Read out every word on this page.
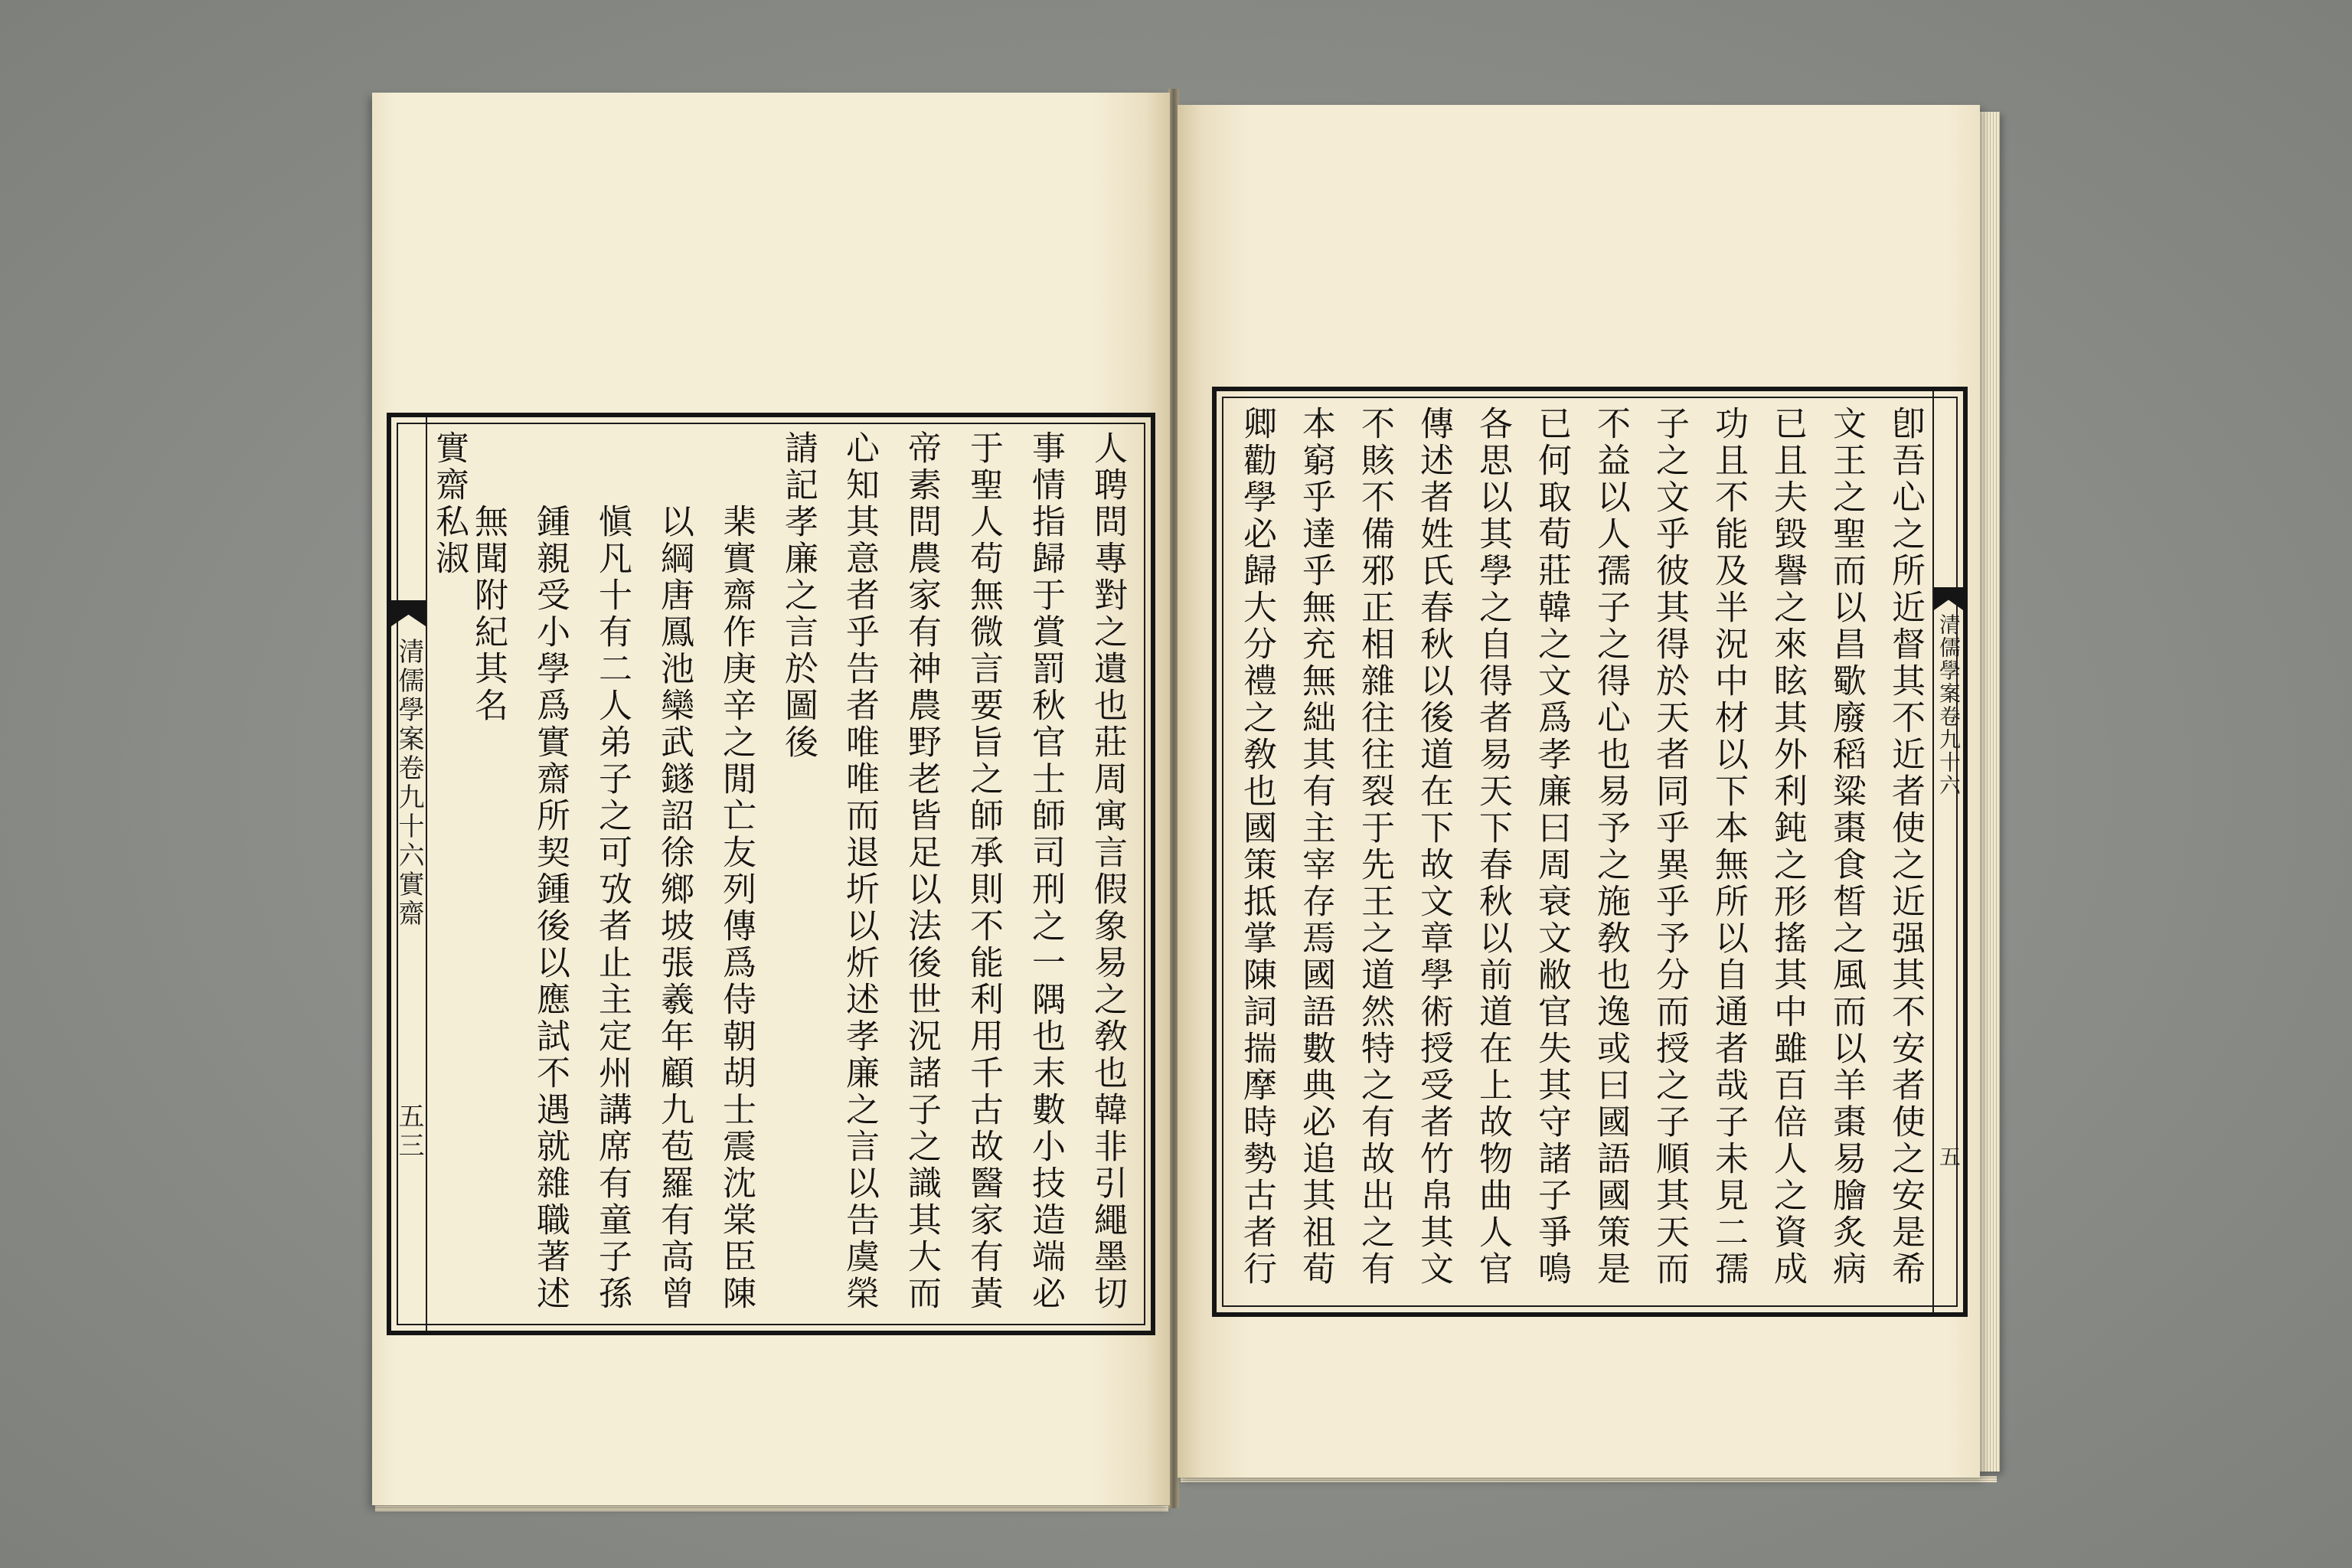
清儒學案卷九十六實齋
五三
實齋私淑	人聘問專對之遺也莊周寓言假象易之敎也韓非引繩墨切
事情指歸于賞罰秋官士師司刑之一隅也末數小技造端必
于聖人苟無微言要旨之師承則不能利用千古故醫家有黃
帝素問農家有神農野老皆足以法後世況諸子之識其大而
心知其意者乎告者唯唯而退圻以炘述孝廉之言以告虞榮
請記孝廉之言於圖後
棐實齋作庚辛之閒亡友列傳爲侍朝胡士震沈棠臣陳
以綱唐鳳池欒武鐩詔徐鄉坡張羲年顧九苞羅有高曾
愼凡十有二人弟子之可攷者止主定州講席有童子孫
鍾親受小學爲實齋所契鍾後以應試不遇就雜職著述
無聞附紀其名	清儒學案卷九十六
五
卽吾心之所近督其不近者使之近强其不安者使之安是希
文王之聖而以昌歜廢稻粱棗食皙之風而以羊棗易膾炙病
已且夫毀譽之來眩其外利鈍之形搖其中雖百倍人之資成
功且不能及半況中材以下本無所以自通者哉子未見二孺
子之文乎彼其得於天者同乎異乎予分而授之子順其天而
不益以人孺子之得心也易予之施敎也逸或曰國語國策是
已何取荀莊韓之文爲孝廉曰周衰文敝官失其守諸子爭鳴
各思以其學之自得者易天下春秋以前道在上故物曲人官
傳述者姓氏春秋以後道在下故文章學術授受者竹帛其文
不賅不備邪正相雜往往裂于先王之道然特之有故出之有
本窮乎達乎無充無絀其有主宰存焉國語數典必追其祖荀
卿勸學必歸大分禮之敎也國策抵掌陳詞揣摩時勢古者行
